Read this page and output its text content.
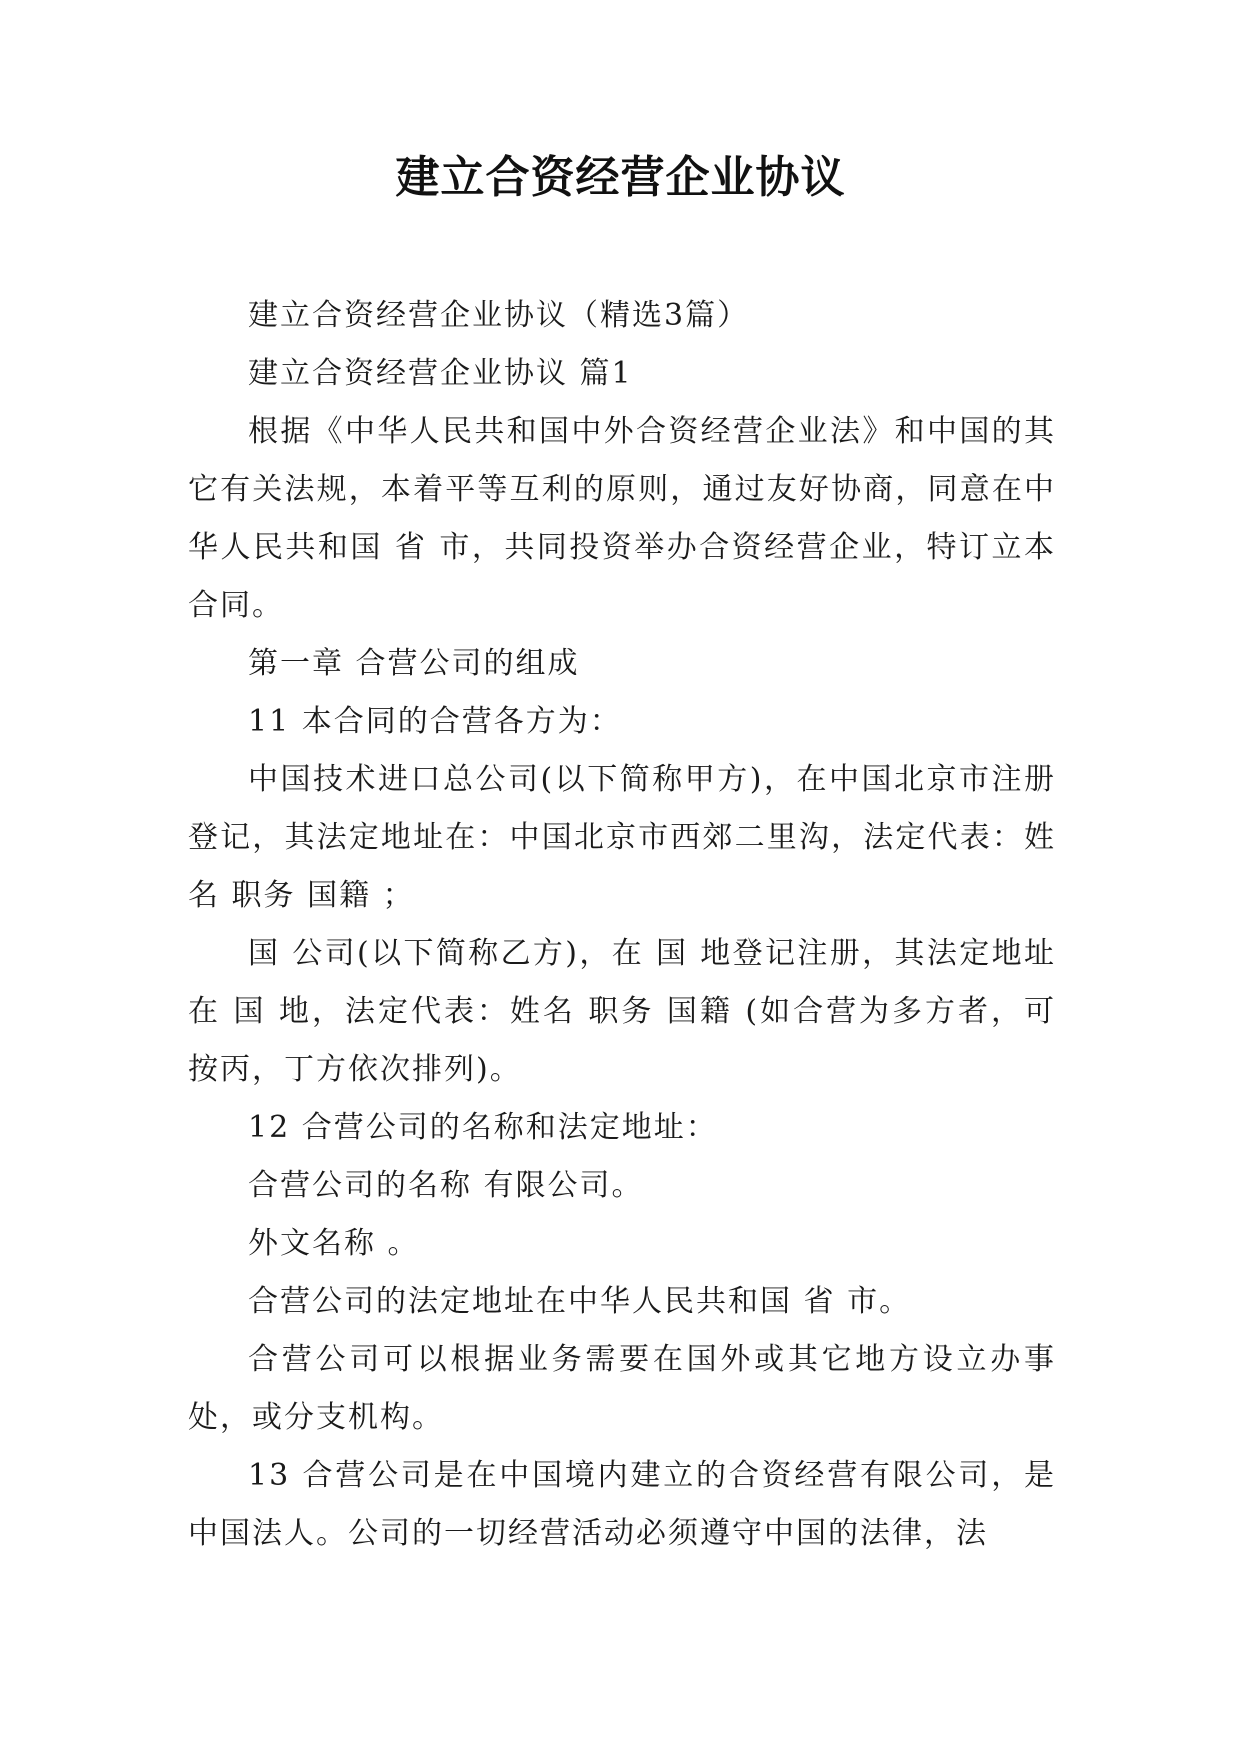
建立合资经营企业协议

建立合资经营企业协议（精选3篇）

建立合资经营企业协议 篇1

根据《中华人民共和国中外合资经营企业法》和中国的其它有关法规，本着平等互利的原则，通过友好协商，同意在中华人民共和国 省 市，共同投资举办合资经营企业，特订立本合同。

第一章 合营公司的组成

11 本合同的合营各方为：

中国技术进口总公司(以下简称甲方)，在中国北京市注册登记，其法定地址在：中国北京市西郊二里沟，法定代表：姓名 职务 国籍 ；

国 公司(以下简称乙方)，在 国 地登记注册，其法定地址在 国 地，法定代表：姓名 职务 国籍 (如合营为多方者，可按丙，丁方依次排列)。

12 合营公司的名称和法定地址：

合营公司的名称 有限公司。

外文名称 。

合营公司的法定地址在中华人民共和国 省 市。

合营公司可以根据业务需要在国外或其它地方设立办事处，或分支机构。

13 合营公司是在中国境内建立的合资经营有限公司，是中国法人。公司的一切经营活动必须遵守中国的法律，法
